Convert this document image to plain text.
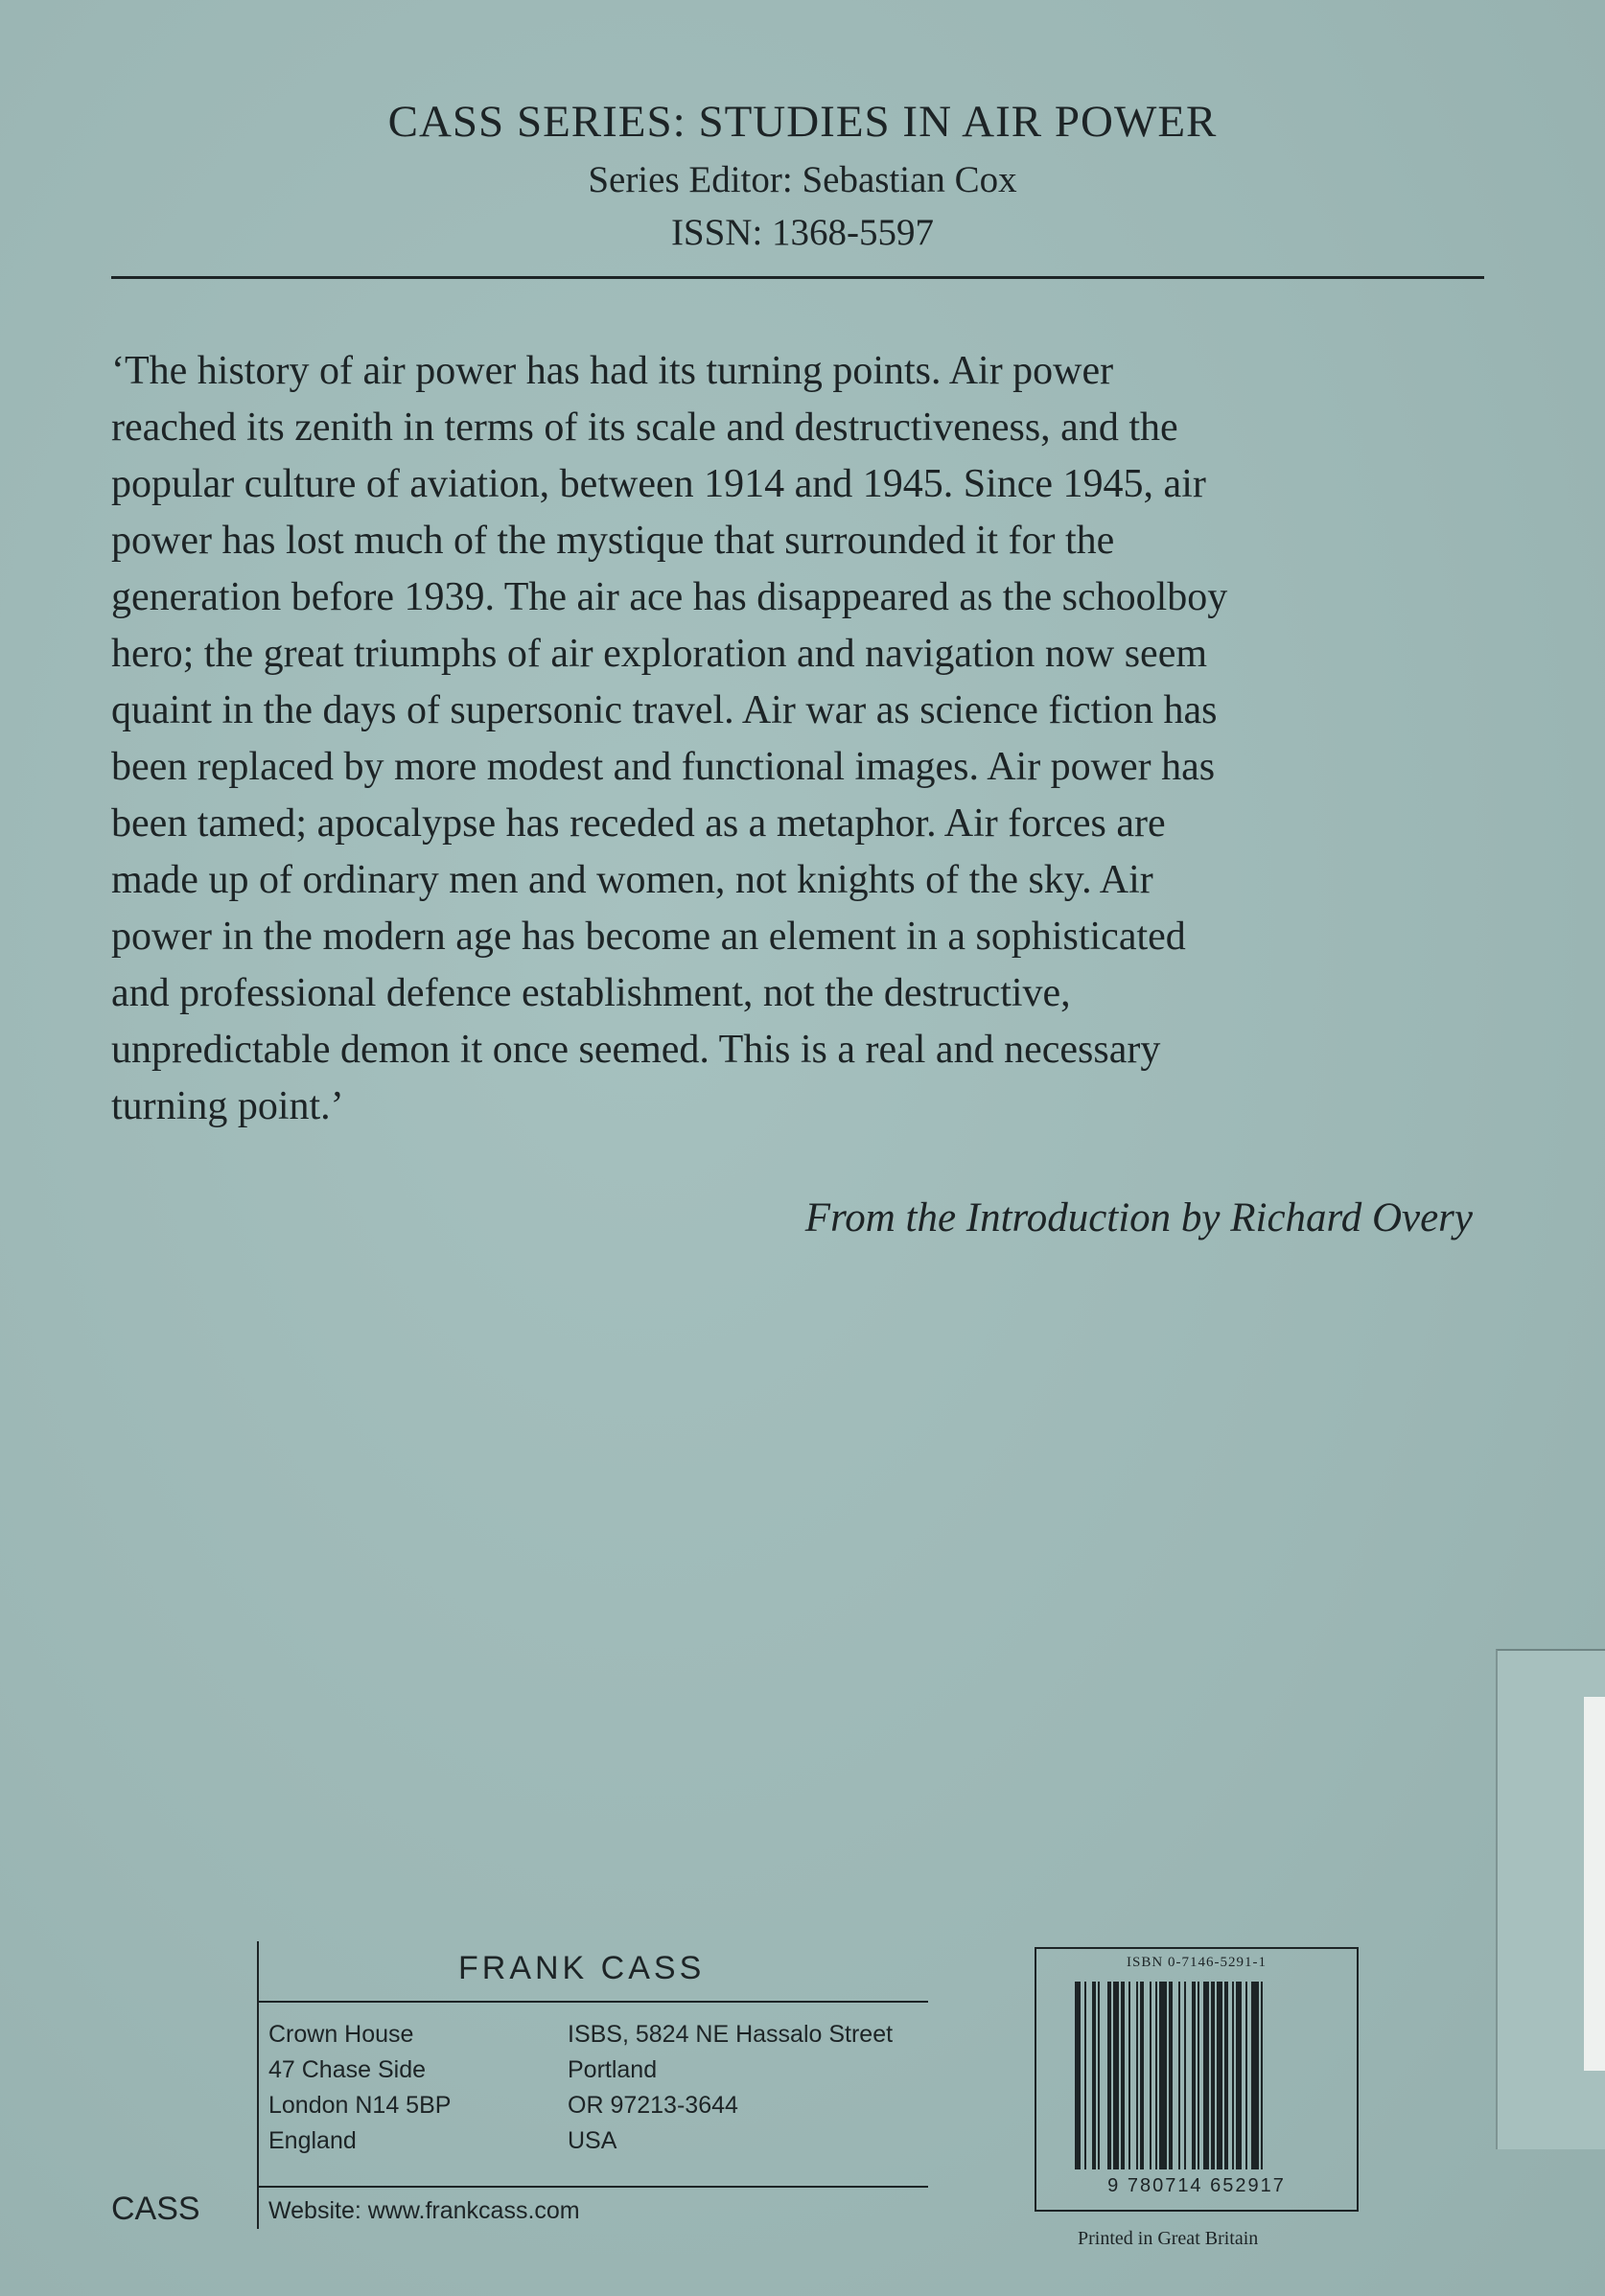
CASS SERIES: STUDIES IN AIR POWER
Series Editor: Sebastian Cox
ISSN: 1368-5597
‘The history of air power has had its turning points. Air power
reached its zenith in terms of its scale and destructiveness, and the
popular culture of aviation, between 1914 and 1945. Since 1945, air
power has lost much of the mystique that surrounded it for the
generation before 1939. The air ace has disappeared as the schoolboy
hero; the great triumphs of air exploration and navigation now seem
quaint in the days of supersonic travel. Air war as science fiction has
been replaced by more modest and functional images. Air power has
been tamed; apocalypse has receded as a metaphor. Air forces are
made up of ordinary men and women, not knights of the sky. Air
power in the modern age has become an element in a sophisticated
and professional defence establishment, not the destructive,
unpredictable demon it once seemed. This is a real and necessary
turning point.’
From the Introduction by Richard Overy
FRANK CASS
Crown House
47 Chase Side
London N14 5BP
England
ISBS, 5824 NE Hassalo Street
Portland
OR 97213-3644
USA
CASS	Website: www.frankcass.com
ISBN 0-7146-5291-1
9 780714 652917
Printed in Great Britain
